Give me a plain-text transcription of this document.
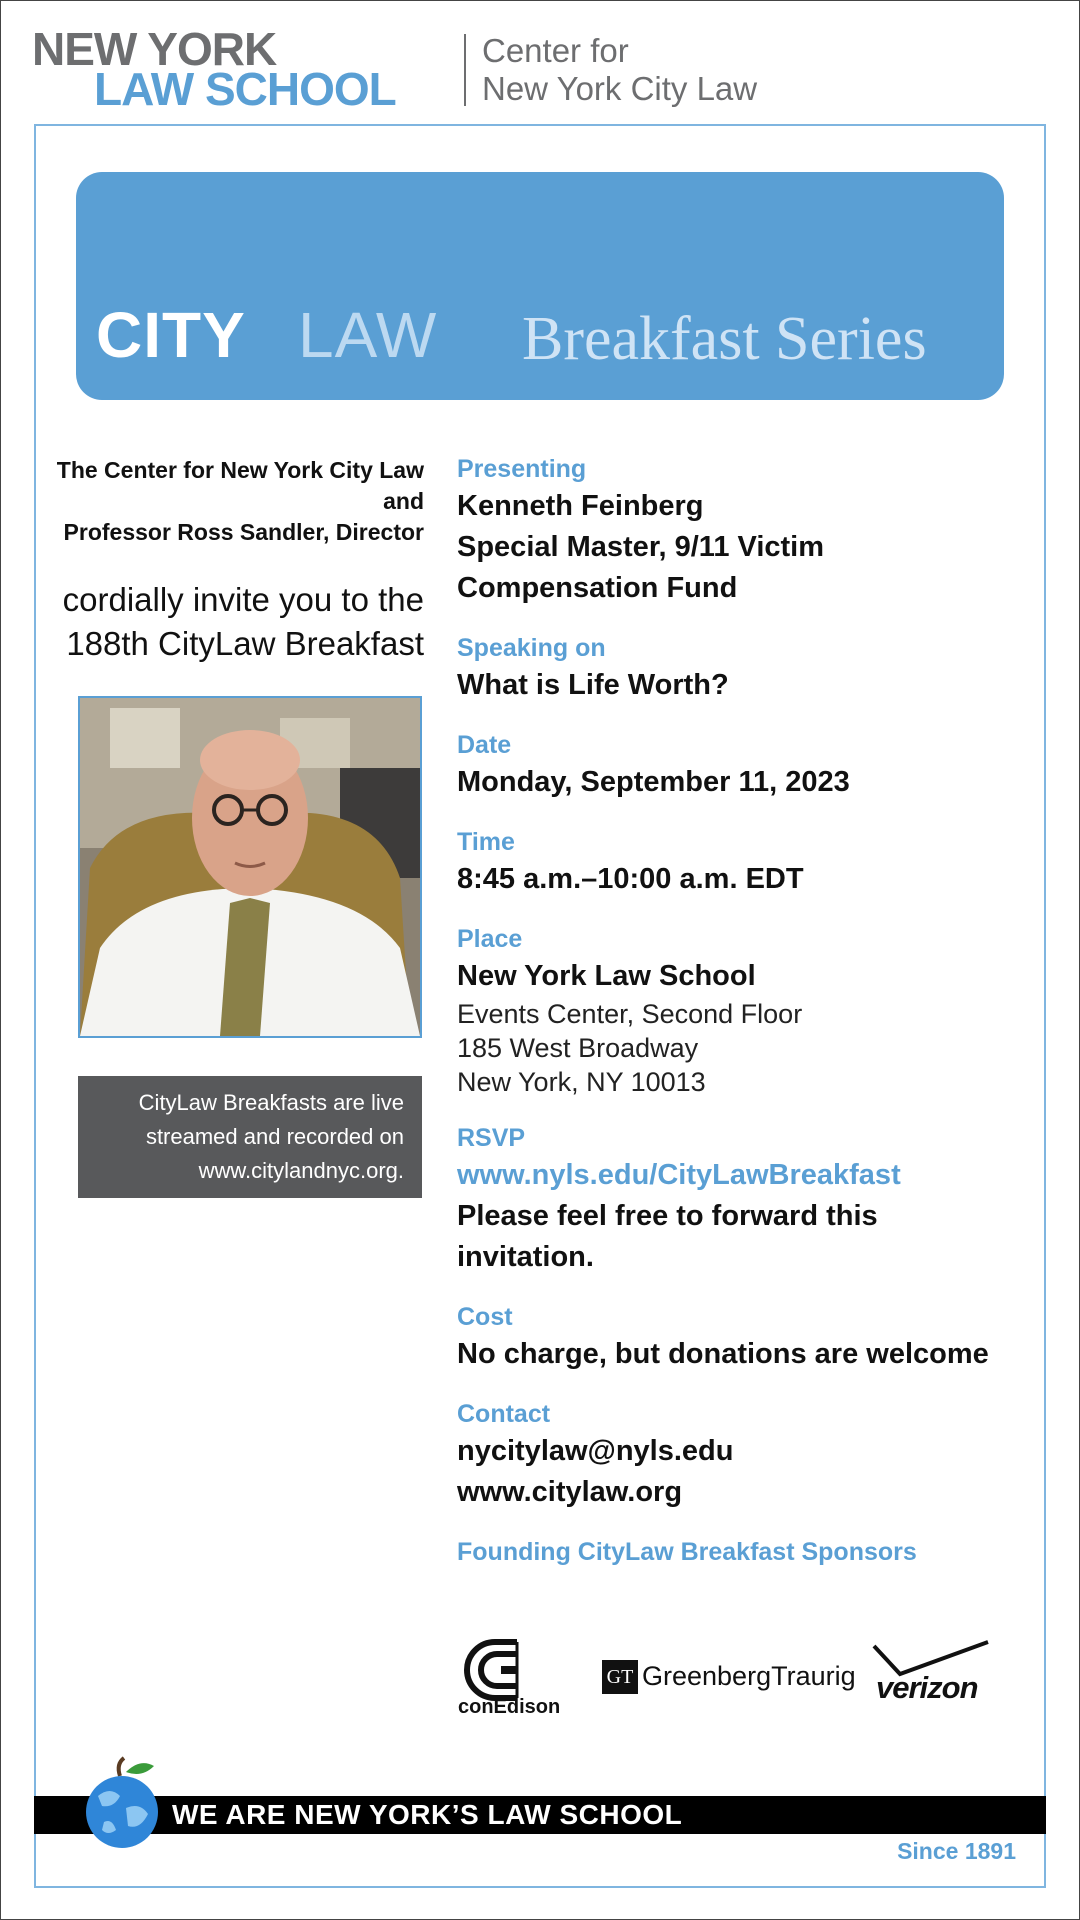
NEW YORK
LAW SCHOOL
Center for
New York City Law
CITY LAW Breakfast Series
The Center for New York City Law
and
Professor Ross Sandler, Director
cordially invite you to the
188th CityLaw Breakfast
CityLaw Breakfasts are live
streamed and recorded on
www.citylandnyc.org.
Presenting
Kenneth Feinberg
Special Master, 9/11 Victim
Compensation Fund
Speaking on
What is Life Worth?
Date
Monday, September 11, 2023
Time
8:45 a.m.–10:00 a.m. EDT
Place
New York Law School
Events Center, Second Floor
185 West Broadway
New York, NY 10013
RSVP
www.nyls.edu/CityLawBreakfast
Please feel free to forward this invitation.
Cost
No charge, but donations are welcome
Contact
nycitylaw@nyls.edu
www.citylaw.org
Founding CityLaw Breakfast Sponsors
conEdison
GT GreenbergTraurig verizon
WE ARE NEW YORK’S LAW SCHOOL
Since 1891
